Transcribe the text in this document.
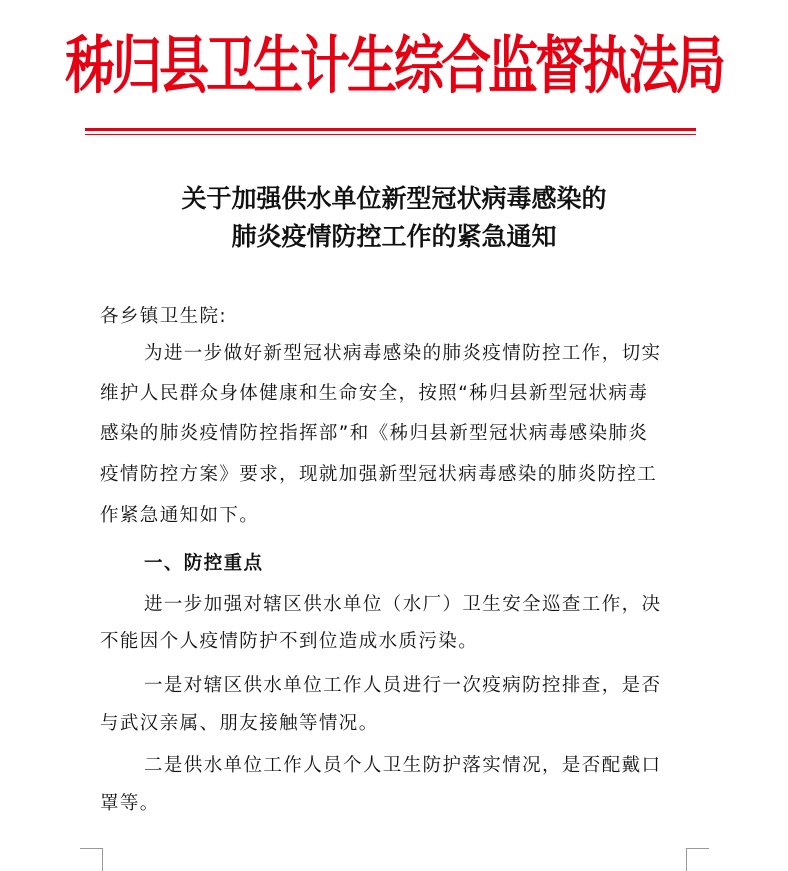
秭归县卫生计生综合监督执法局
关于加强供水单位新型冠状病毒感染的
肺炎疫情防控工作的紧急通知
各乡镇卫生院:
为进一步做好新型冠状病毒感染的肺炎疫情防控工作，切实
维护人民群众身体健康和生命安全，按照“秭归县新型冠状病毒
感染的肺炎疫情防控指挥部”和《秭归县新型冠状病毒感染肺炎
疫情防控方案》要求，现就加强新型冠状病毒感染的肺炎防控工
作紧急通知如下。
一、防控重点
进一步加强对辖区供水单位（水厂）卫生安全巡查工作，决
不能因个人疫情防护不到位造成水质污染。
一是对辖区供水单位工作人员进行一次疫病防控排查，是否
与武汉亲属、朋友接触等情况。
二是供水单位工作人员个人卫生防护落实情况，是否配戴口
罩等。
